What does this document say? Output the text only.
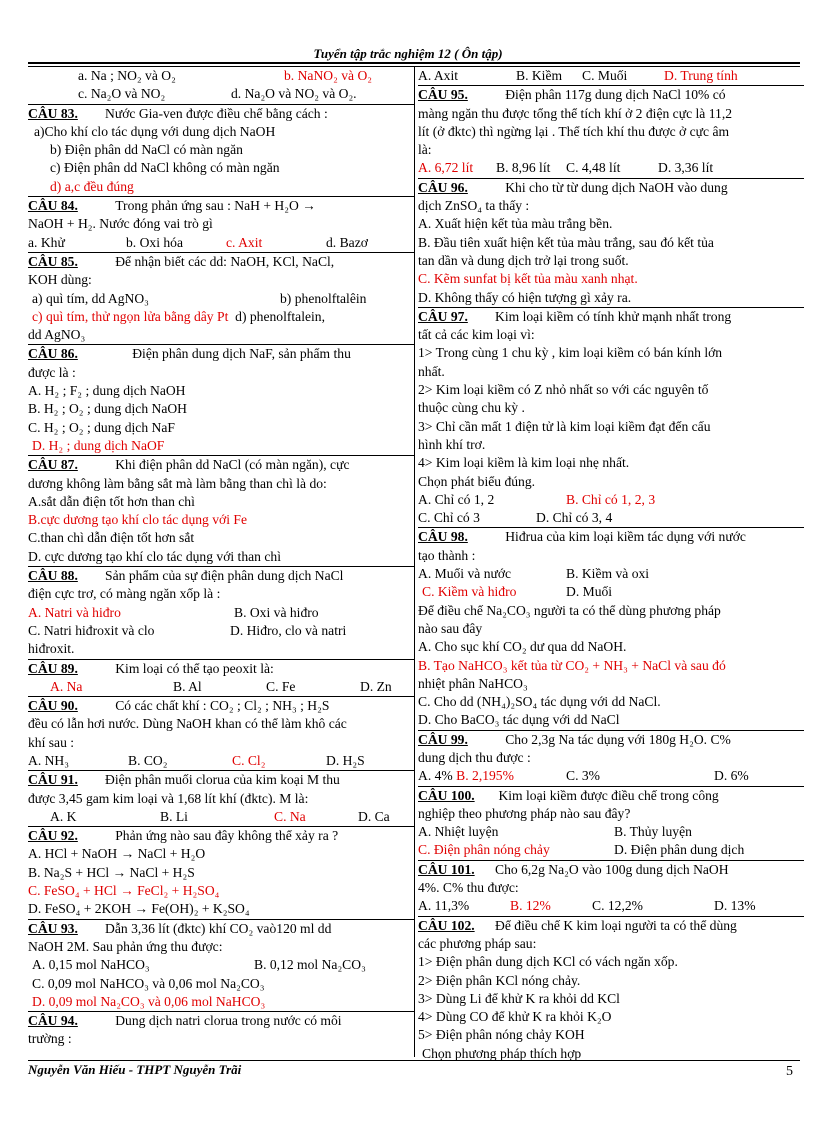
Tuyển tập trắc nghiệm 12 ( Ôn tập)
a. Na ; NO₂ và O₂	b. NaNO₂ và O₂
c. Na₂O và NO₂	d. Na₂O và NO₂ và O₂.
CÂU 83. Nước Gia-ven được điều chế bằng cách :
a)Cho khí clo tác dụng với dung dịch NaOH
b) Điện phân dd NaCl có màn ngăn
c) Điện phân dd NaCl không có màn ngăn
d) a,c đều đúng
CÂU 84.	Trong phản ứng sau : NaH + H₂O →
NaOH + H₂. Nước đóng vai trò gì
a. Khử	b. Oxi hóa	c. Axit	d. Bazơ
CÂU 85.	Để nhận biết các dd: NaOH, KCl, NaCl,
KOH dùng:
a) quì tím, dd AgNO₃	b) phenolftalêin
c) quì tím, thử ngọn lửa bằng dây Pt d) phenolftalein,
dd AgNO₃
CÂU 86.	Điện phân dung dịch NaF, sản phẩm thu
được là :
A. H₂ ; F₂ ; dung dịch NaOH
B. H₂ ; O₂ ; dung dịch NaOH
C. H₂ ; O₂ ; dung dịch NaF
D. H₂ ; dung dịch NaOF
CÂU 87.	Khi điện phân dd NaCl (có màn ngăn), cực
dương không làm bằng sắt mà làm bằng than chì là do:
A.sắt dẫn điện tốt hơn than chì
B.cực dương tạo khí clo tác dụng với Fe
C.than chì dẫn điện tốt hơn sắt
D. cực dương tạo khí clo tác dụng với than chì
CÂU 88. Sản phẩm của sự điện phân dung dịch NaCl
điện cực trơ, có màng ngăn xốp là :
A. Natri và hiđro	B. Oxi và hiđro
C. Natri hiđroxit và clo	D. Hiđro, clo và natri
hiđroxit.
CÂU 89.	Kim loại có thể tạo peoxit là:
A. Na	B. Al	C. Fe	D. Zn
CÂU 90.	Có các chất khí : CO₂ ; Cl₂ ; NH₃ ; H₂S
đều có lẫn hơi nước. Dùng NaOH khan có thể làm khô các
khí sau :
A. NH₃	B. CO₂	C. Cl₂	D. H₂S
CÂU 91. Điện phân muối clorua của kim koại M thu
được 3,45 gam kim loại và 1,68 lít khí (đktc). M là:
A. K	B. Li	C. Na	D. Ca
CÂU 92.	Phản ứng nào sau đây không thể xảy ra ?
A. HCl + NaOH → NaCl + H₂O
B. Na₂S + HCl → NaCl + H₂S
C. FeSO₄ + HCl → FeCl₂ + H₂SO₄
D. FeSO₄ + 2KOH → Fe(OH)₂ + K₂SO₄
CÂU 93. Dẫn 3,36 lít (đktc) khí CO₂ vaò120 ml dd
NaOH 2M. Sau phản ứng thu được:
A. 0,15 mol NaHCO₃	B. 0,12 mol Na₂CO₃
C. 0,09 mol NaHCO₃ và 0,06 mol Na₂CO₃
D. 0,09 mol Na₂CO₃ và 0,06 mol NaHCO₃
CÂU 94.	Dung dịch natri clorua trong nước có môi
trường :
A. Axit	B. Kiềm C. Muối	D. Trung tính
CÂU 95.	Điện phân 117g dung dịch NaCl 10% có
màng ngăn thu được tổng thể tích khí ở 2 điện cực là 11,2
lít (ở đktc) thì ngừng lại . Thể tích khí thu được ở cực âm
là:
A. 6,72 lít B. 8,96 lít C. 4,48 lít	D. 3,36 lít
CÂU 96.	Khi cho từ từ dung dịch NaOH vào dung
dịch ZnSO₄ ta thấy :
A. Xuất hiện kết tủa màu trắng bền.
B. Đầu tiên xuất hiện kết tủa màu trắng, sau đó kết tủa
tan dần và dung dịch trở lại trong suốt.
C. Kẽm sunfat bị kết tủa màu xanh nhạt.
D. Không thấy có hiện tượng gì xảy ra.
CÂU 97. Kim loại kiềm có tính khử mạnh nhất trong
tất cả các kim loại vì:
1> Trong cùng 1 chu kỳ , kim loại kiềm có bán kính lớn
nhất.
2> Kim loại kiềm có Z nhỏ nhất so với các nguyên tố
thuộc cùng chu kỳ .
3> Chỉ cần mất 1 điện tử là kim loại kiềm đạt đến cấu
hình khí trơ.
4> Kim loại kiềm là kim loại nhẹ nhất.
Chọn phát biểu đúng.
A. Chỉ có 1, 2	B. Chỉ có 1, 2, 3
C. Chỉ có 3	D. Chỉ có 3, 4
CÂU 98.	Hiđrua của kim loại kiềm tác dụng với nước
tạo thành :
A. Muối và nước	B. Kiềm và oxi
C. Kiềm và hiđro	D. Muối
Để điều chế Na₂CO₃ người ta có thể dùng phương pháp
nào sau đây
A. Cho sục khí CO₂ dư qua dd NaOH.
B. Tạo NaHCO₃ kết tủa từ CO₂ + NH₃ + NaCl và sau đó
nhiệt phân NaHCO₃
C. Cho dd (NH₄)₂SO₄ tác dụng với dd NaCl.
D. Cho BaCO₃ tác dụng với dd NaCl
CÂU 99.	Cho 2,3g Na tác dụng với 180g H₂O. C%
dung dịch thu được :
A. 4% B. 2,195%	C. 3%	D. 6%
CÂU 100. Kim loại kiềm được điều chế trong công
nghiệp theo phương pháp nào sau đây?
A. Nhiệt luyện	B. Thủy luyện
C. Điện phân nóng chảy	D. Điện phân dung dịch
CÂU 101. Cho 6,2g Na₂O vào 100g dung dịch NaOH
4%. C% thu được:
A. 11,3%	B. 12%	C. 12,2%	D. 13%
CÂU 102. Để điều chế K kim loại người ta có thể dùng
các phương pháp sau:
1> Điện phân dung dịch KCl có vách ngăn xốp.
2> Điện phân KCl nóng chảy.
3> Dùng Li để khử K ra khỏi dd KCl
4> Dùng CO để khử K ra khỏi K₂O
5> Điện phân nóng chảy KOH
Chọn phương pháp thích hợp
Nguyễn Văn Hiếu - THPT Nguyễn Trãi	5
